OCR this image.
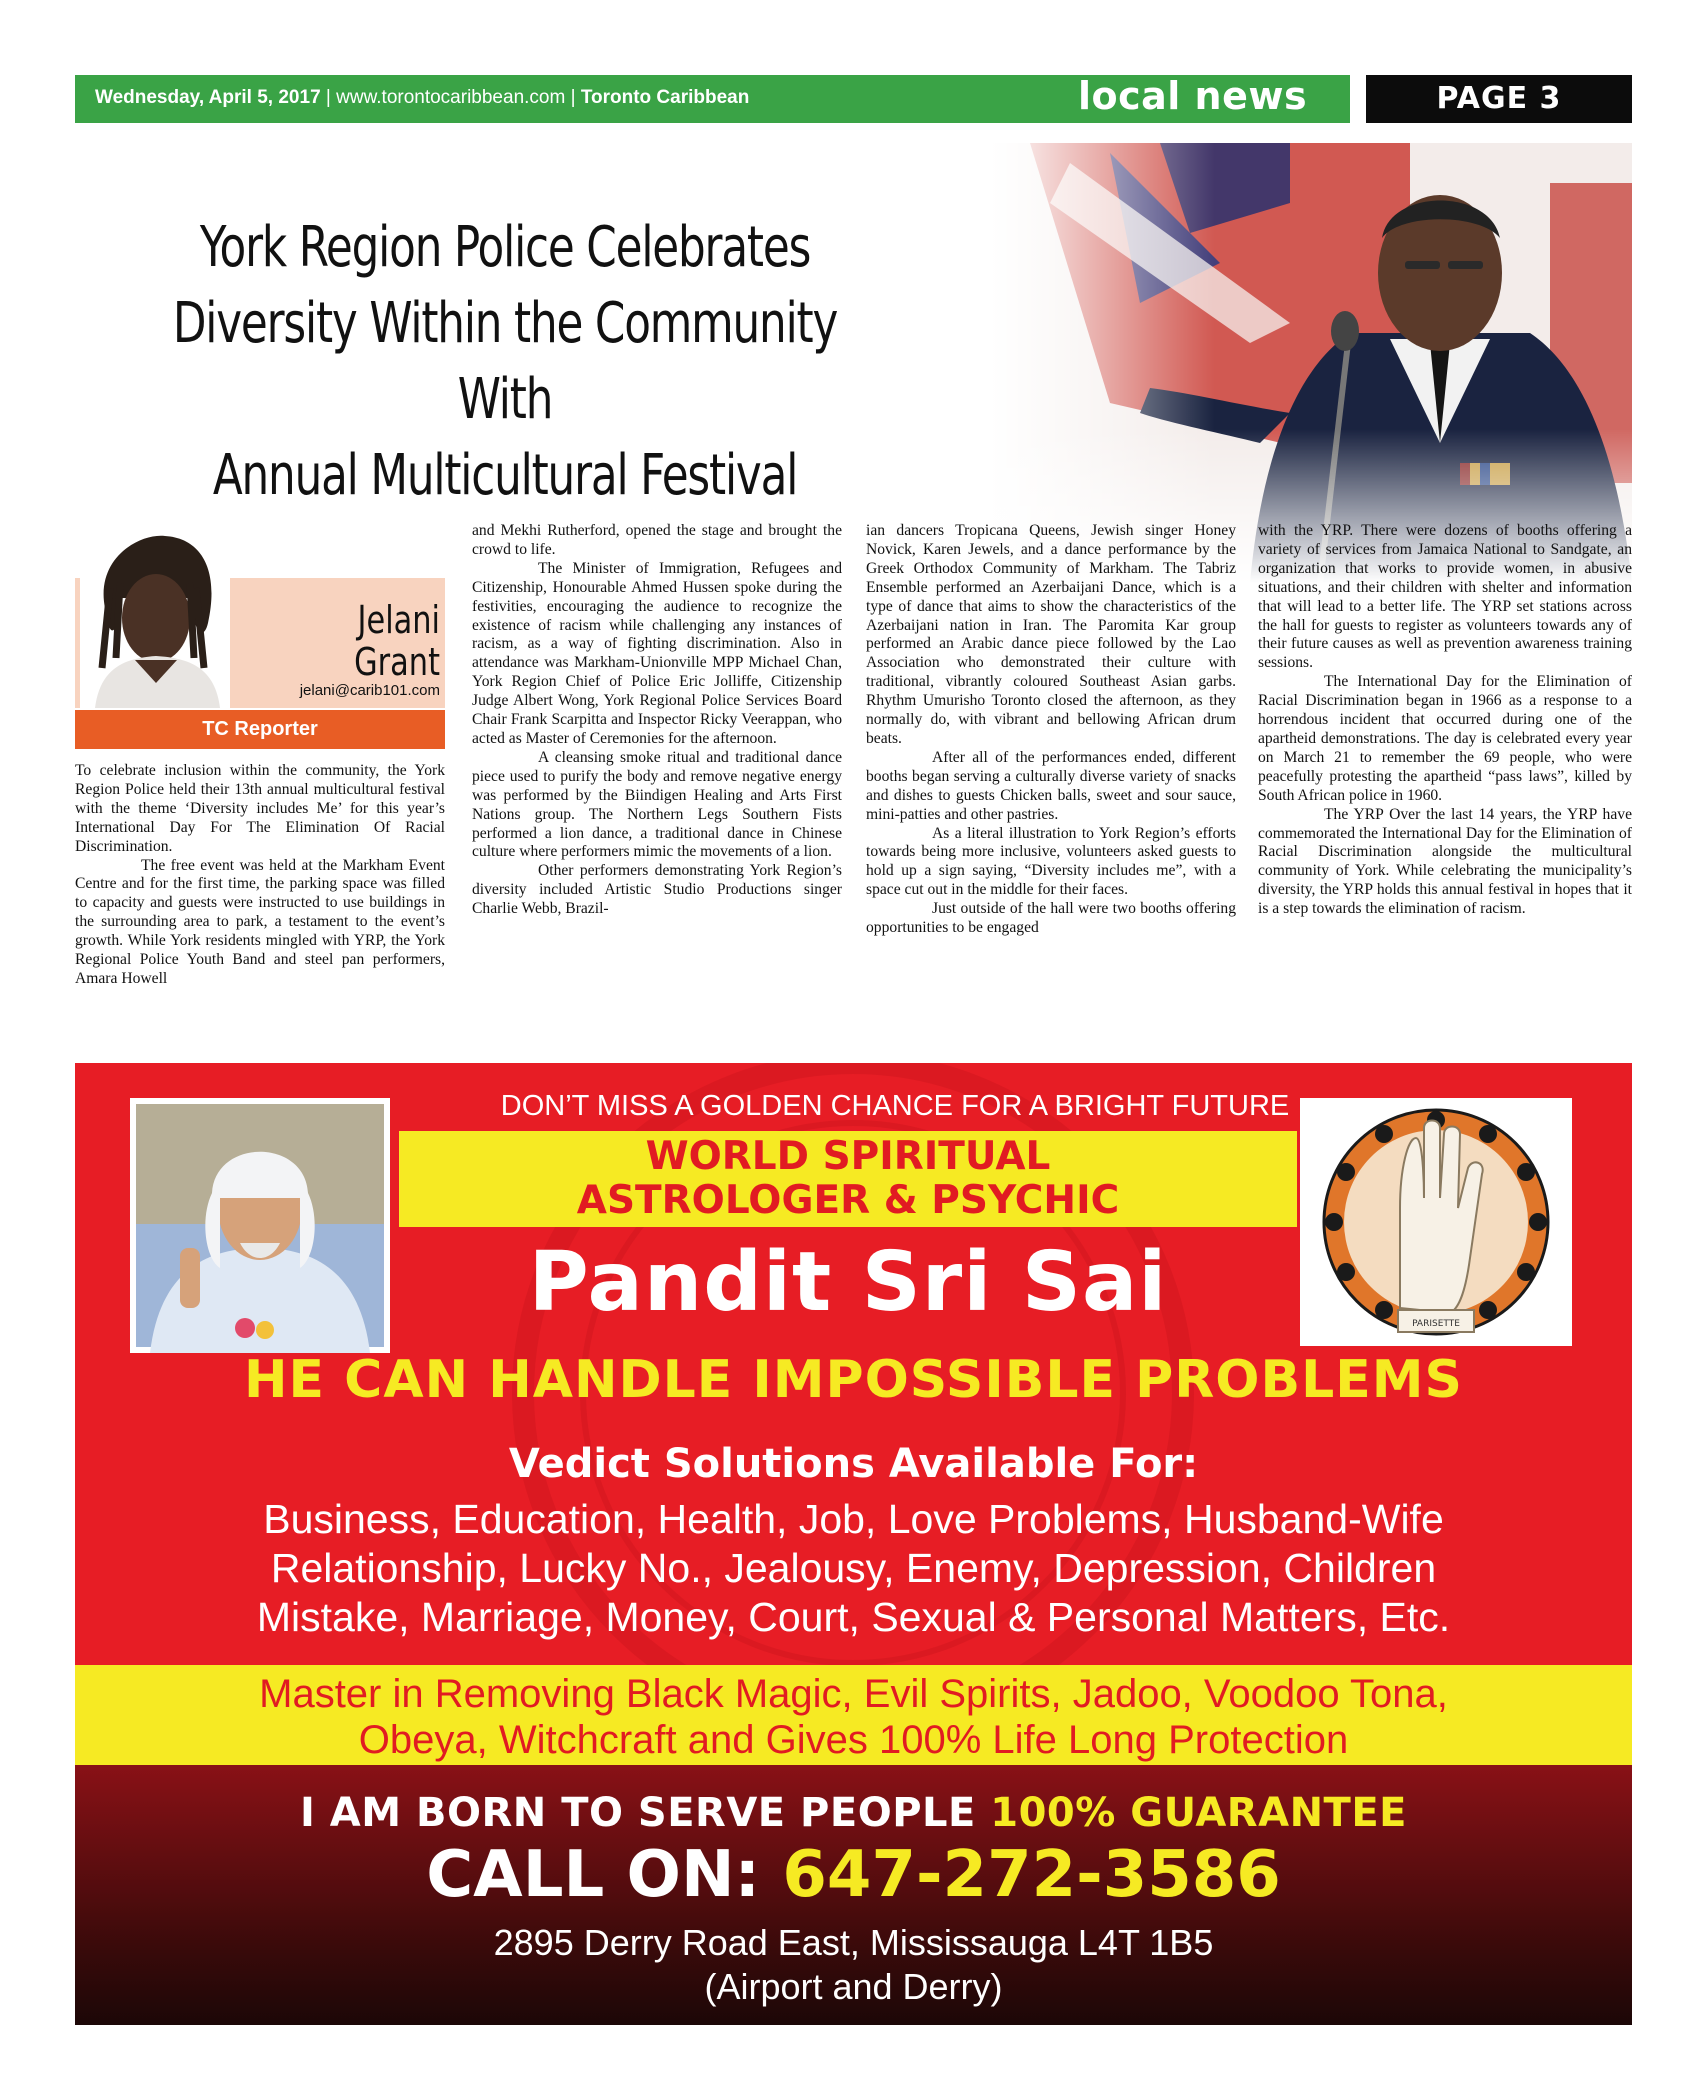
Wednesday, April 5, 2017 | www.torontocaribbean.com | Toronto Caribbean	local news	PAGE 3
York Region Police Celebrates
Diversity Within the Community With
Annual Multicultural Festival
Jelani
Grant
jelani@carib101.com
TC Reporter

To celebrate inclusion within the community, the York Region Police held their 13th annual multicultural festival with the theme ‘Diversity includes Me’ for this year’s International Day For The Elimination Of Racial Discrimination.

The free event was held at the Markham Event Centre and for the first time, the parking space was filled to capacity and guests were instructed to use buildings in the surrounding area to park, a testament to the event’s growth. While York residents mingled with YRP, the York Regional Police Youth Band and steel pan performers, Amara Howell

and Mekhi Rutherford, opened the stage and brought the crowd to life.

The Minister of Immigration, Refugees and Citizenship, Honourable Ahmed Hussen spoke during the festivities, encouraging the audience to recognize the existence of racism while challenging any instances of racism, as a way of fighting discrimination. Also in attendance was Markham-Unionville MPP Michael Chan, York Region Chief of Police Eric Jolliffe, Citizenship Judge Albert Wong, York Regional Police Services Board Chair Frank Scarpitta and Inspector Ricky Veerappan, who acted as Master of Ceremonies for the afternoon.

A cleansing smoke ritual and traditional dance piece used to purify the body and remove negative energy was performed by the Biindigen Healing and Arts First Nations group. The Northern Legs Southern Fists performed a lion dance, a traditional dance in Chinese culture where performers mimic the movements of a lion.

Other performers demonstrating York Region’s diversity included Artistic Studio Productions singer Charlie Webb, Brazil-

ian dancers Tropicana Queens, Jewish singer Honey Novick, Karen Jewels, and a dance performance by the Greek Orthodox Community of Markham. The Tabriz Ensemble performed an Azerbaijani Dance, which is a type of dance that aims to show the characteristics of the Azerbaijani nation in Iran. The Paromita Kar group performed an Arabic dance piece followed by the Lao Association who demonstrated their culture with traditional, vibrantly coloured Southeast Asian garbs. Rhythm Umurisho Toronto closed the afternoon, as they normally do, with vibrant and bellowing African drum beats.

After all of the performances ended, different booths began serving a culturally diverse variety of snacks and dishes to guests Chicken balls, sweet and sour sauce, mini-patties and other pastries.

As a literal illustration to York Region’s efforts towards being more inclusive, volunteers asked guests to hold up a sign saying, “Diversity includes me”, with a space cut out in the middle for their faces.

Just outside of the hall were two booths offering opportunities to be engaged

with the YRP. There were dozens of booths offering a variety of services from Jamaica National to Sandgate, an organization that works to provide women, in abusive situations, and their children with shelter and information that will lead to a better life. The YRP set stations across the hall for guests to register as volunteers towards any of their future causes as well as prevention awareness training sessions.

The International Day for the Elimination of Racial Discrimination began in 1966 as a response to a horrendous incident that occurred during one of the apartheid demonstrations. The day is celebrated every year on March 21 to remember the 69 people, who were peacefully protesting the apartheid “pass laws”, killed by South African police in 1960.

The YRP Over the last 14 years, the YRP have commemorated the International Day for the Elimination of Racial Discrimination alongside the multicultural community of York. While celebrating the municipality’s diversity, the YRP holds this annual festival in hopes that it is a step towards the elimination of racism.

DON’T MISS A GOLDEN CHANCE FOR A BRIGHT FUTURE
WORLD SPIRITUAL
ASTROLOGER & PSYCHIC
Pandit Sri Sai	PARISETTE
HE CAN HANDLE IMPOSSIBLE PROBLEMS
Vedict Solutions Available For:
Business, Education, Health, Job, Love Problems, Husband-Wife
Relationship, Lucky No., Jealousy, Enemy, Depression, Children
Mistake, Marriage, Money, Court, Sexual & Personal Matters, Etc.
Master in Removing Black Magic, Evil Spirits, Jadoo, Voodoo Tona,
Obeya, Witchcraft and Gives 100% Life Long Protection
I AM BORN TO SERVE PEOPLE 100% GUARANTEE
CALL ON: 647-272-3586
2895 Derry Road East, Mississauga L4T 1B5
(Airport and Derry)
